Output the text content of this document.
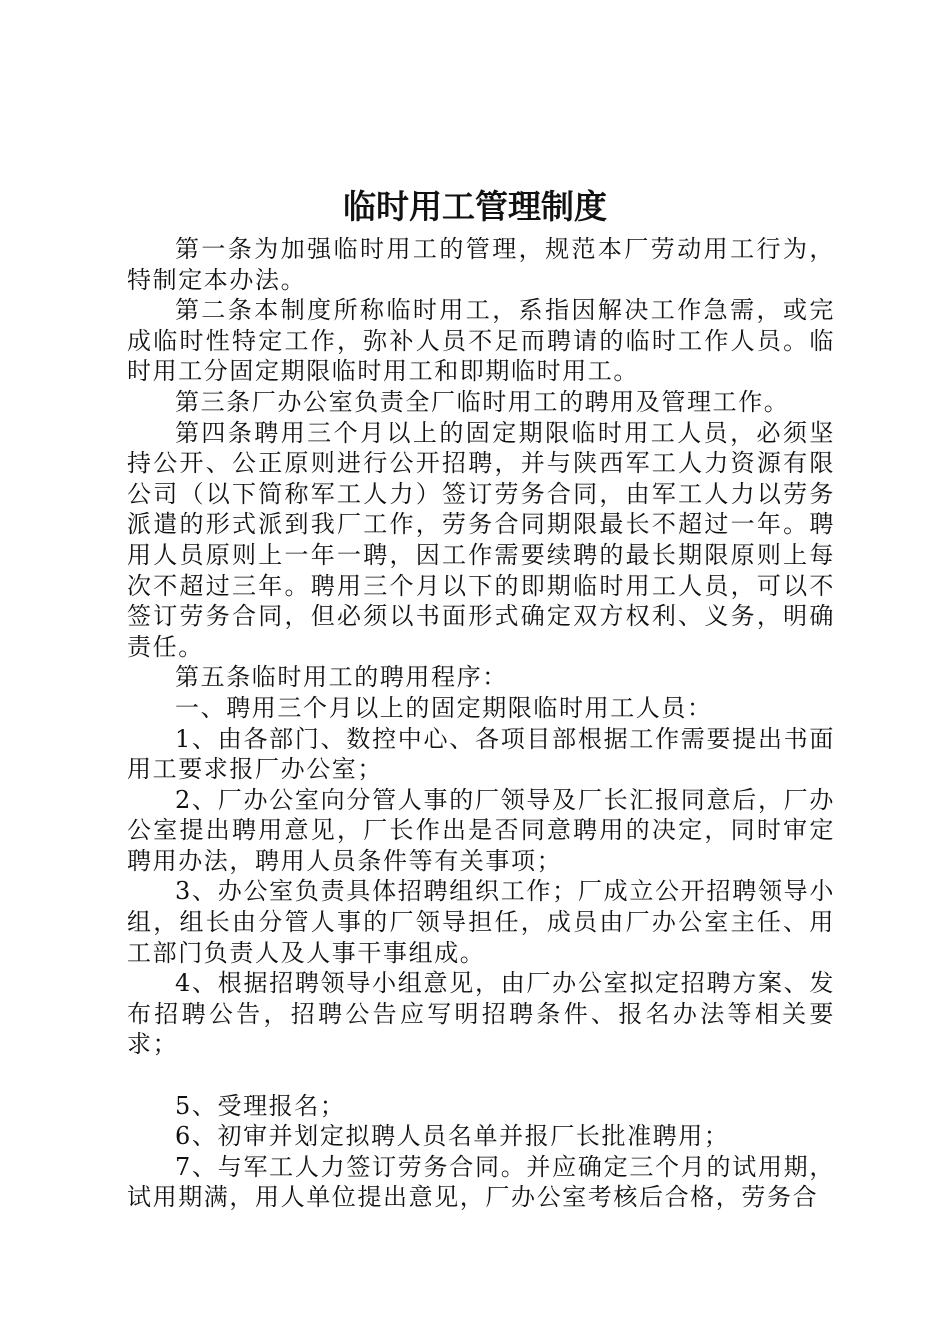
临时用工管理制度

第一条为加强临时用工的管理，规范本厂劳动用工行为，特制定本办法。

第二条本制度所称临时用工，系指因解决工作急需，或完成临时性特定工作，弥补人员不足而聘请的临时工作人员。临时用工分固定期限临时用工和即期临时用工。

第三条厂办公室负责全厂临时用工的聘用及管理工作。

第四条聘用三个月以上的固定期限临时用工人员，必须坚持公开、公正原则进行公开招聘，并与陕西军工人力资源有限公司（以下简称军工人力）签订劳务合同，由军工人力以劳务派遣的形式派到我厂工作，劳务合同期限最长不超过一年。聘用人员原则上一年一聘，因工作需要续聘的最长期限原则上每次不超过三年。聘用三个月以下的即期临时用工人员，可以不签订劳务合同，但必须以书面形式确定双方权利、义务，明确责任。

第五条临时用工的聘用程序：

一、聘用三个月以上的固定期限临时用工人员：

1、由各部门、数控中心、各项目部根据工作需要提出书面用工要求报厂办公室；

2、厂办公室向分管人事的厂领导及厂长汇报同意后，厂办公室提出聘用意见，厂长作出是否同意聘用的决定，同时审定聘用办法，聘用人员条件等有关事项；

3、办公室负责具体招聘组织工作；厂成立公开招聘领导小组，组长由分管人事的厂领导担任，成员由厂办公室主任、用工部门负责人及人事干事组成。

4、根据招聘领导小组意见，由厂办公室拟定招聘方案、发布招聘公告，招聘公告应写明招聘条件、报名办法等相关要求；

5、受理报名；

6、初审并划定拟聘人员名单并报厂长批准聘用；

7、与军工人力签订劳务合同。并应确定三个月的试用期，试用期满，用人单位提出意见，厂办公室考核后合格，劳务合
